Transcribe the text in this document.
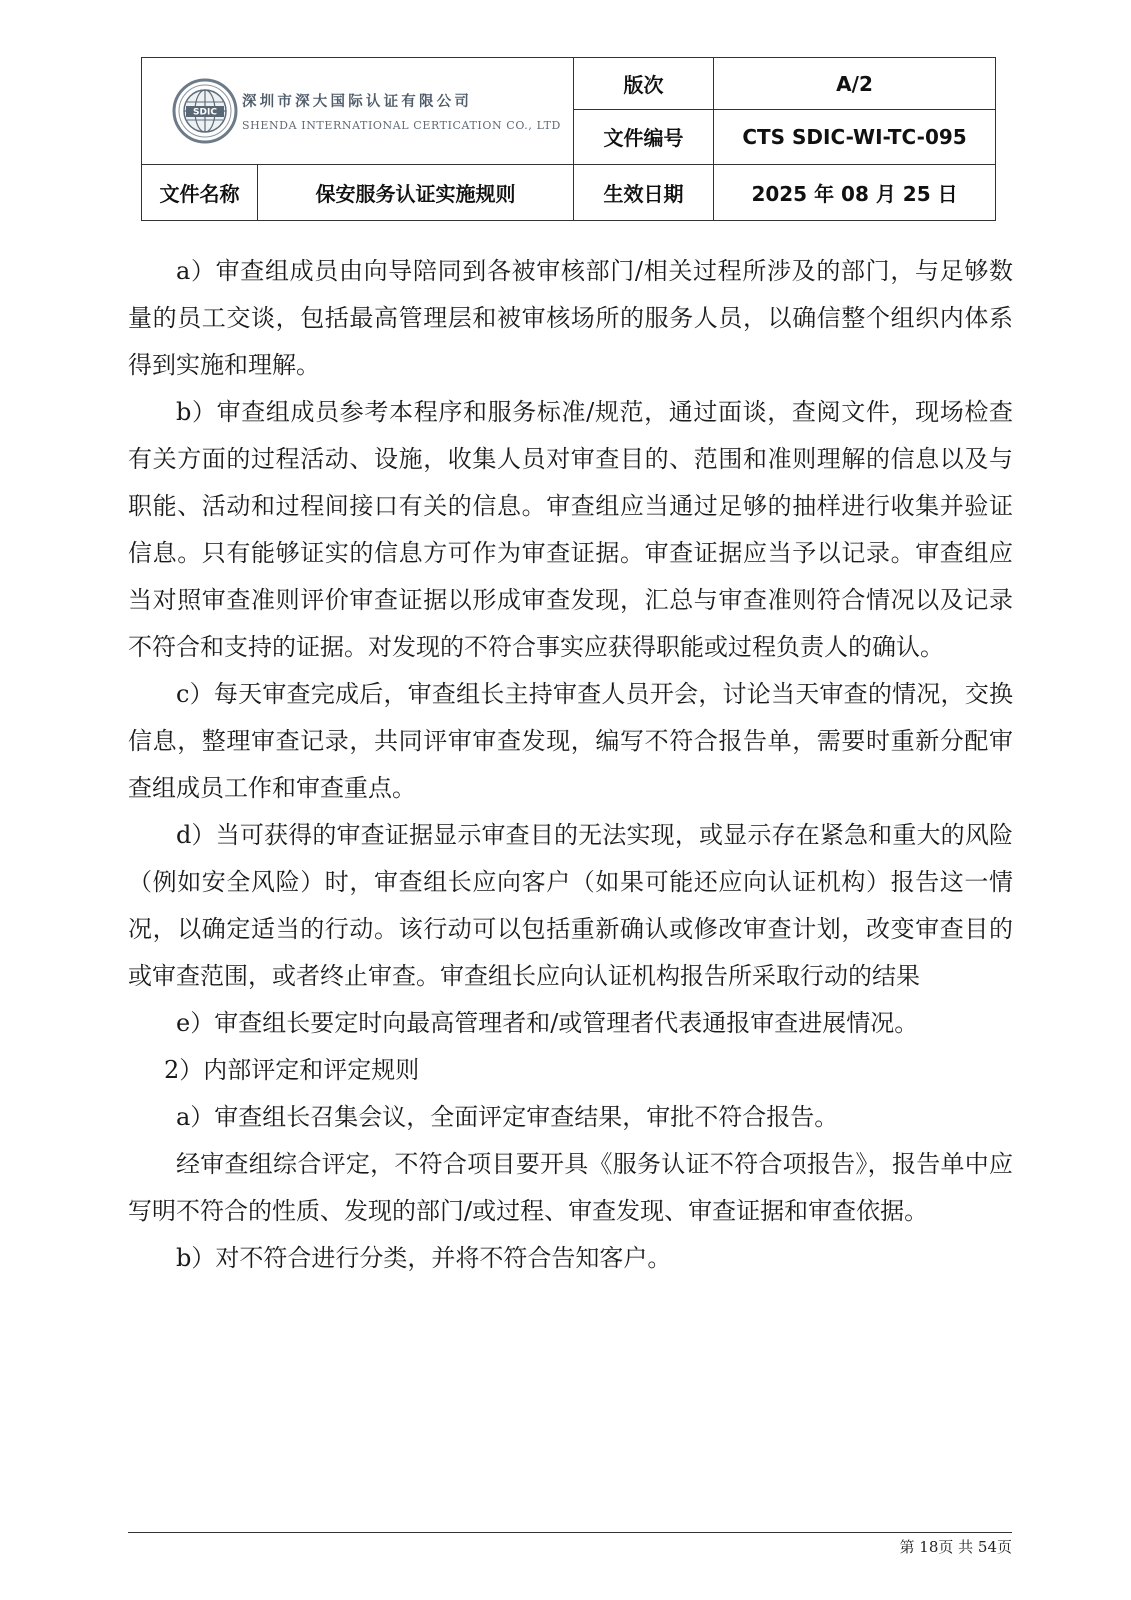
SDIC
深圳市深大国际认证有限公司
SHENDA INTERNATIONAL CERTICATION CO., LTD		版次	A/2
		文件编号	CTS SDIC-WI-TC-095
文件名称	保安服务认证实施规则	生效日期	2025 年 08 月 25 日

a）审查组成员由向导陪同到各被审核部门/相关过程所涉及的部门，与足够数量的员工交谈，包括最高管理层和被审核场所的服务人员，以确信整个组织内体系得到实施和理解。

b）审查组成员参考本程序和服务标准/规范，通过面谈，查阅文件，现场检查有关方面的过程活动、设施，收集人员对审查目的、范围和准则理解的信息以及与职能、活动和过程间接口有关的信息。审查组应当通过足够的抽样进行收集并验证信息。只有能够证实的信息方可作为审查证据。审查证据应当予以记录。审查组应当对照审查准则评价审查证据以形成审查发现，汇总与审查准则符合情况以及记录不符合和支持的证据。对发现的不符合事实应获得职能或过程负责人的确认。

c）每天审查完成后，审查组长主持审查人员开会，讨论当天审查的情况，交换信息，整理审查记录，共同评审审查发现，编写不符合报告单，需要时重新分配审查组成员工作和审查重点。

d）当可获得的审查证据显示审查目的无法实现，或显示存在紧急和重大的风险（例如安全风险）时，审查组长应向客户（如果可能还应向认证机构）报告这一情况，以确定适当的行动。该行动可以包括重新确认或修改审查计划，改变审查目的或审查范围，或者终止审查。审查组长应向认证机构报告所采取行动的结果

e）审查组长要定时向最高管理者和/或管理者代表通报审查进展情况。

2）内部评定和评定规则

a）审查组长召集会议，全面评定审查结果，审批不符合报告。

经审查组综合评定，不符合项目要开具《服务认证不符合项报告》，报告单中应写明不符合的性质、发现的部门/或过程、审查发现、审查证据和审查依据。

b）对不符合进行分类，并将不符合告知客户。

第 18页 共 54页
